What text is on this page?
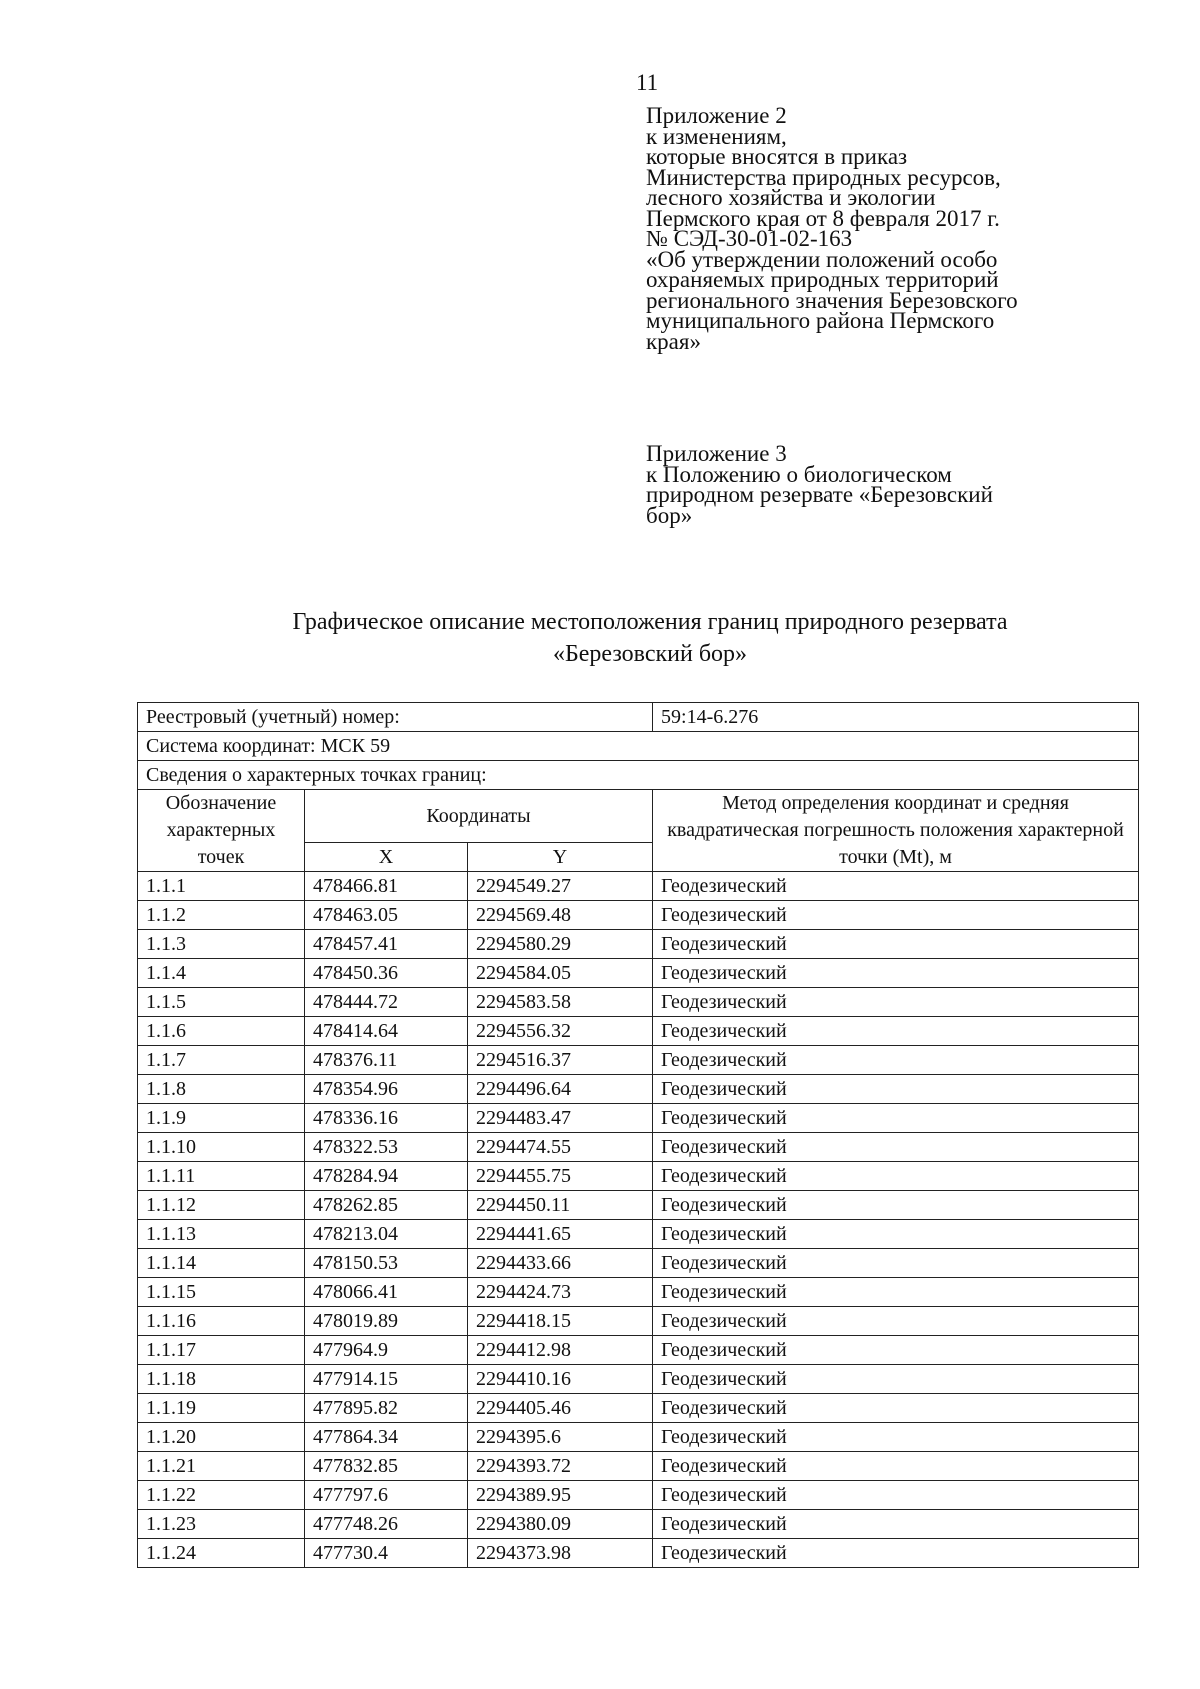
11
Приложение 2
к изменениям,
которые вносятся в приказ
Министерства природных ресурсов,
лесного хозяйства и экологии
Пермского края от 8 февраля 2017 г.
№ СЭД-30-01-02-163
«Об утверждении положений особо
охраняемых природных территорий
регионального значения Березовского
муниципального района Пермского
края»
Приложение 3
к Положению о биологическом
природном резервате «Березовский
бор»
Графическое описание местоположения границ природного резервата
«Березовский бор»
Реестровый (учетный) номер:			59:14-6.276
Система координат: МСК 59			
Сведения о характерных точках границ:			
Обозначение характерных точек	Координаты		Метод определения координат и средняя квадратическая погрешность положения характерной точки (Mt), м
	X	Y	
1.1.1	478466.81	2294549.27	Геодезический
1.1.2	478463.05	2294569.48	Геодезический
1.1.3	478457.41	2294580.29	Геодезический
1.1.4	478450.36	2294584.05	Геодезический
1.1.5	478444.72	2294583.58	Геодезический
1.1.6	478414.64	2294556.32	Геодезический
1.1.7	478376.11	2294516.37	Геодезический
1.1.8	478354.96	2294496.64	Геодезический
1.1.9	478336.16	2294483.47	Геодезический
1.1.10	478322.53	2294474.55	Геодезический
1.1.11	478284.94	2294455.75	Геодезический
1.1.12	478262.85	2294450.11	Геодезический
1.1.13	478213.04	2294441.65	Геодезический
1.1.14	478150.53	2294433.66	Геодезический
1.1.15	478066.41	2294424.73	Геодезический
1.1.16	478019.89	2294418.15	Геодезический
1.1.17	477964.9	2294412.98	Геодезический
1.1.18	477914.15	2294410.16	Геодезический
1.1.19	477895.82	2294405.46	Геодезический
1.1.20	477864.34	2294395.6	Геодезический
1.1.21	477832.85	2294393.72	Геодезический
1.1.22	477797.6	2294389.95	Геодезический
1.1.23	477748.26	2294380.09	Геодезический
1.1.24	477730.4	2294373.98	Геодезический
